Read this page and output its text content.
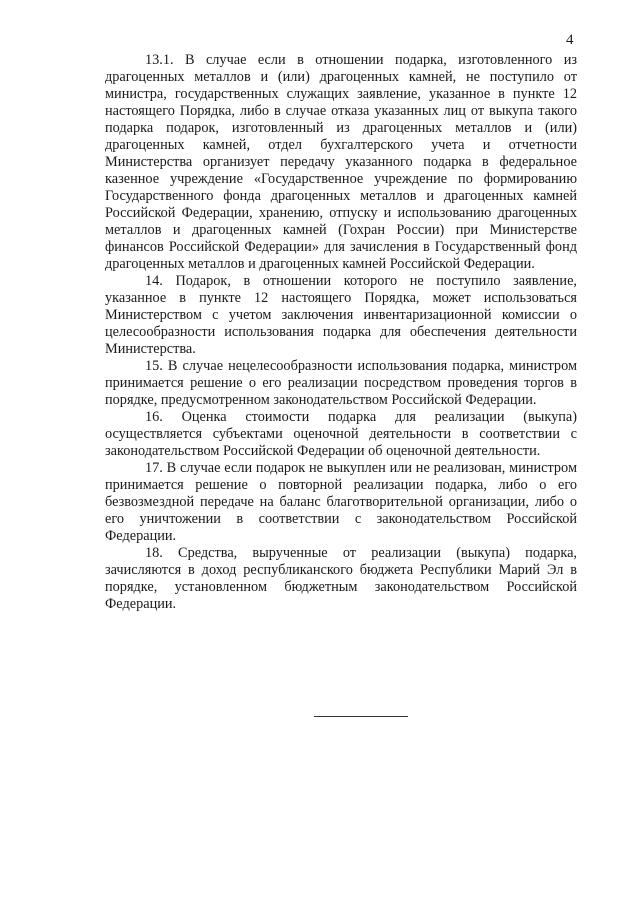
4

13.1. В случае если в отношении подарка, изготовленного из драгоценных металлов и (или) драгоценных камней, не поступило от министра, государственных служащих заявление, указанное в пункте 12 настоящего Порядка, либо в случае отказа указанных лиц от выкупа такого подарка подарок, изготовленный из драгоценных металлов и (или) драгоценных камней, отдел бухгалтерского учета и отчетности Министерства организует передачу указанного подарка в федеральное казенное учреждение «Государственное учреждение по формированию Государственного фонда драгоценных металлов и драгоценных камней Российской Федерации, хранению, отпуску и использованию драгоценных металлов и драгоценных камней (Гохран России) при Министерстве финансов Российской Федерации» для зачисления в Государственный фонд драгоценных металлов и драгоценных камней Российской Федерации.

14. Подарок, в отношении которого не поступило заявление, указанное в пункте 12 настоящего Порядка, может использоваться Министерством с учетом заключения инвентаризационной комиссии о целесообразности использования подарка для обеспечения деятельности Министерства.

15. В случае нецелесообразности использования подарка, министром принимается решение о его реализации посредством проведения торгов в порядке, предусмотренном законодательством Российской Федерации.

16. Оценка стоимости подарка для реализации (выкупа) осуществляется субъектами оценочной деятельности в соответствии с законодательством Российской Федерации об оценочной деятельности.

17. В случае если подарок не выкуплен или не реализован, министром принимается решение о повторной реализации подарка, либо о его безвозмездной передаче на баланс благотворительной организации, либо о его уничтожении в соответствии с законодательством Российской Федерации.

18. Средства, вырученные от реализации (выкупа) подарка, зачисляются в доход республиканского бюджета Республики Марий Эл в порядке, установленном бюджетным законодательством Российской Федерации.
